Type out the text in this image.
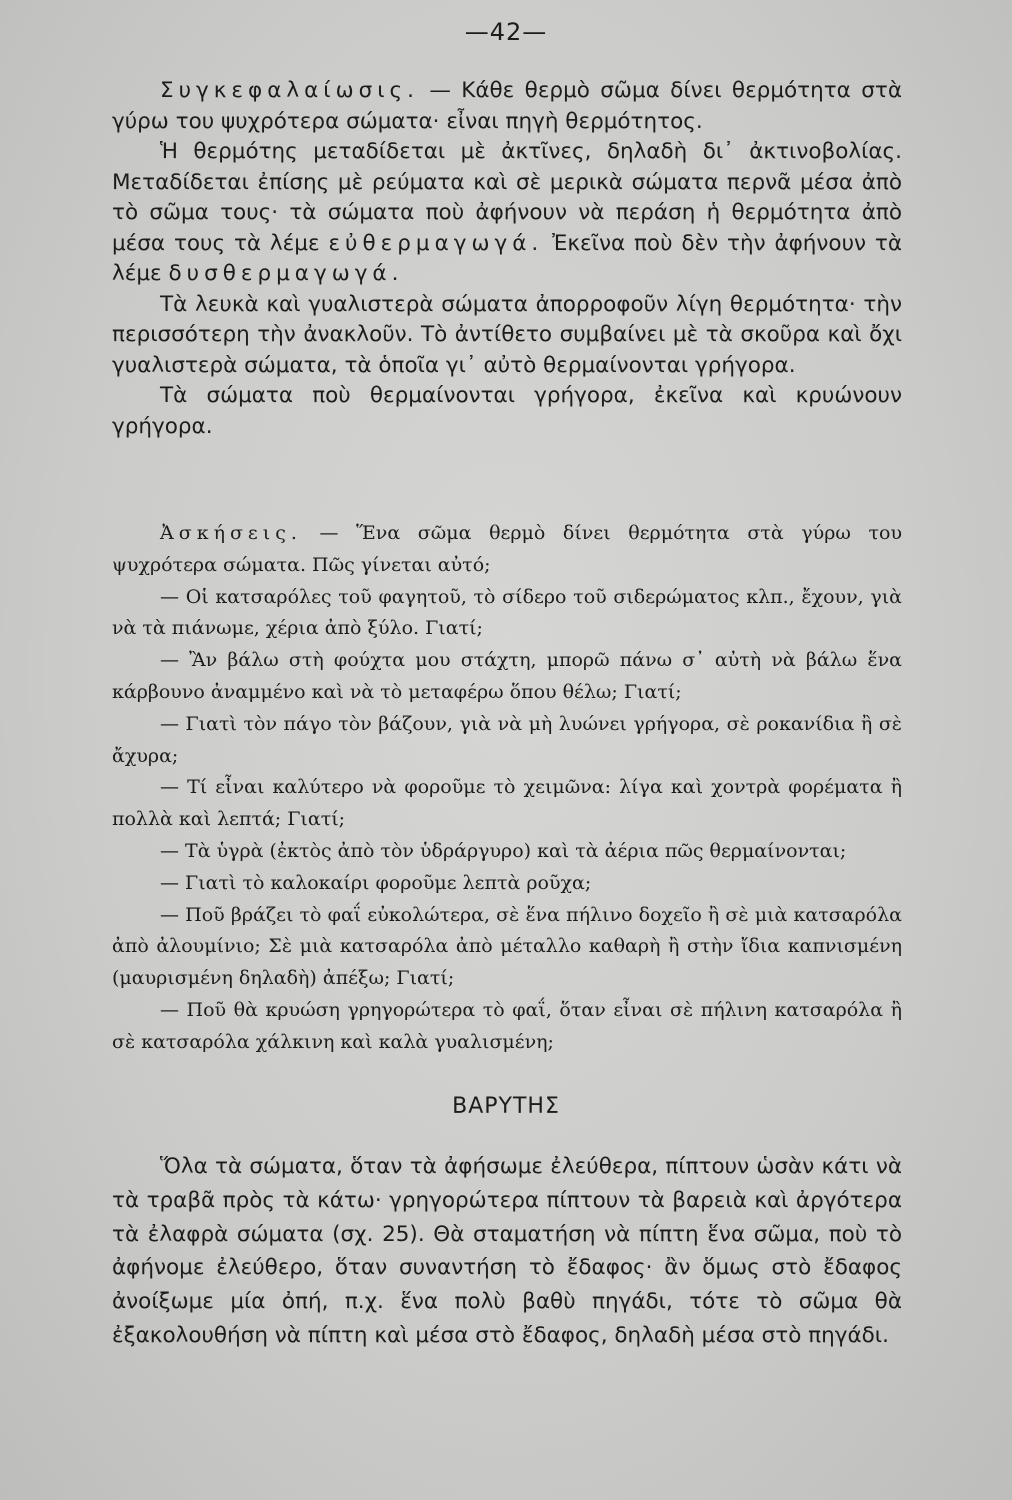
—42—

Συγκεφαλαίωσις. — Κάθε θερμὸ σῶμα δίνει θερμότητα στὰ γύρω του ψυχρότερα σώματα· εἶναι πηγὴ θερμότητος.

Ἡ θερμότης μεταδίδεται μὲ ἀκτῖνες, δηλαδὴ δι᾽ ἀκτινοβολίας. Μεταδίδεται ἐπίσης μὲ ρεύματα καὶ σὲ μερικὰ σώματα περνᾶ μέσα ἀπὸ τὸ σῶμα τους· τὰ σώματα ποὺ ἀφήνουν νὰ περάση ἡ θερμότητα ἀπὸ μέσα τους τὰ λέμε εὐθερμαγωγά. Ἐκεῖνα ποὺ δὲν τὴν ἀφήνουν τὰ λέμε δυσθερμαγωγά.

Τὰ λευκὰ καὶ γυαλιστερὰ σώματα ἀπορροφοῦν λίγη θερμότητα· τὴν περισσότερη τὴν ἀνακλοῦν. Τὸ ἀντίθετο συμβαίνει μὲ τὰ σκοῦρα καὶ ὄχι γυαλιστερὰ σώματα, τὰ ὁποῖα γι᾽ αὐτὸ θερμαίνονται γρήγορα.

Τὰ σώματα ποὺ θερμαίνονται γρήγορα, ἐκεῖνα καὶ κρυώνουν γρήγορα.

Ἀσκήσεις. — Ἕνα σῶμα θερμὸ δίνει θερμότητα στὰ γύρω του ψυχρότερα σώματα. Πῶς γίνεται αὐτό;

— Οἱ κατσαρόλες τοῦ φαγητοῦ, τὸ σίδερο τοῦ σιδερώματος κλπ., ἔχουν, γιὰ νὰ τὰ πιάνωμε, χέρια ἀπὸ ξύλο. Γιατί;

— Ἂν βάλω στὴ φούχτα μου στάχτη, μπορῶ πάνω σ᾽ αὐτὴ νὰ βάλω ἕνα κάρβουνο ἀναμμένο καὶ νὰ τὸ μεταφέρω ὅπου θέλω; Γιατί;

— Γιατὶ τὸν πάγο τὸν βάζουν, γιὰ νὰ μὴ λυώνει γρήγορα, σὲ ροκανίδια ἢ σὲ ἄχυρα;

— Τί εἶναι καλύτερο νὰ φοροῦμε τὸ χειμῶνα: λίγα καὶ χοντρὰ φορέματα ἢ πολλὰ καὶ λεπτά; Γιατί;

— Τὰ ὑγρὰ (ἐκτὸς ἀπὸ τὸν ὑδράργυρο) καὶ τὰ ἀέρια πῶς θερμαίνονται;

— Γιατὶ τὸ καλοκαίρι φοροῦμε λεπτὰ ροῦχα;

— Ποῦ βράζει τὸ φαΐ εὐκολώτερα, σὲ ἕνα πήλινο δοχεῖο ἢ σὲ μιὰ κατσαρόλα ἀπὸ ἀλουμίνιο; Σὲ μιὰ κατσαρόλα ἀπὸ μέταλλο καθαρὴ ἢ στὴν ἴδια καπνισμένη (μαυρισμένη δηλαδὴ) ἀπέξω; Γιατί;

— Ποῦ θὰ κρυώση γρηγορώτερα τὸ φαΐ, ὅταν εἶναι σὲ πήλινη κατσαρόλα ἢ σὲ κατσαρόλα χάλκινη καὶ καλὰ γυαλισμένη;

ΒΑΡΥΤΗΣ

Ὅλα τὰ σώματα, ὅταν τὰ ἀφήσωμε ἐλεύθερα, πίπτουν ὡσὰν κάτι νὰ τὰ τραβᾶ πρὸς τὰ κάτω· γρηγορώτερα πίπτουν τὰ βαρειὰ καὶ ἀργότερα τὰ ἐλαφρὰ σώματα (σχ. 25). Θὰ σταματήση νὰ πίπτη ἕνα σῶμα, ποὺ τὸ ἀφήνομε ἐλεύθερο, ὅταν συναντήση τὸ ἔδαφος· ἂν ὅμως στὸ ἔδαφος ἀνοίξωμε μία ὀπή, π.χ. ἕνα πολὺ βαθὺ πηγάδι, τότε τὸ σῶμα θὰ ἐξακολουθήση νὰ πίπτη καὶ μέσα στὸ ἔδαφος, δηλαδὴ μέσα στὸ πηγάδι.
